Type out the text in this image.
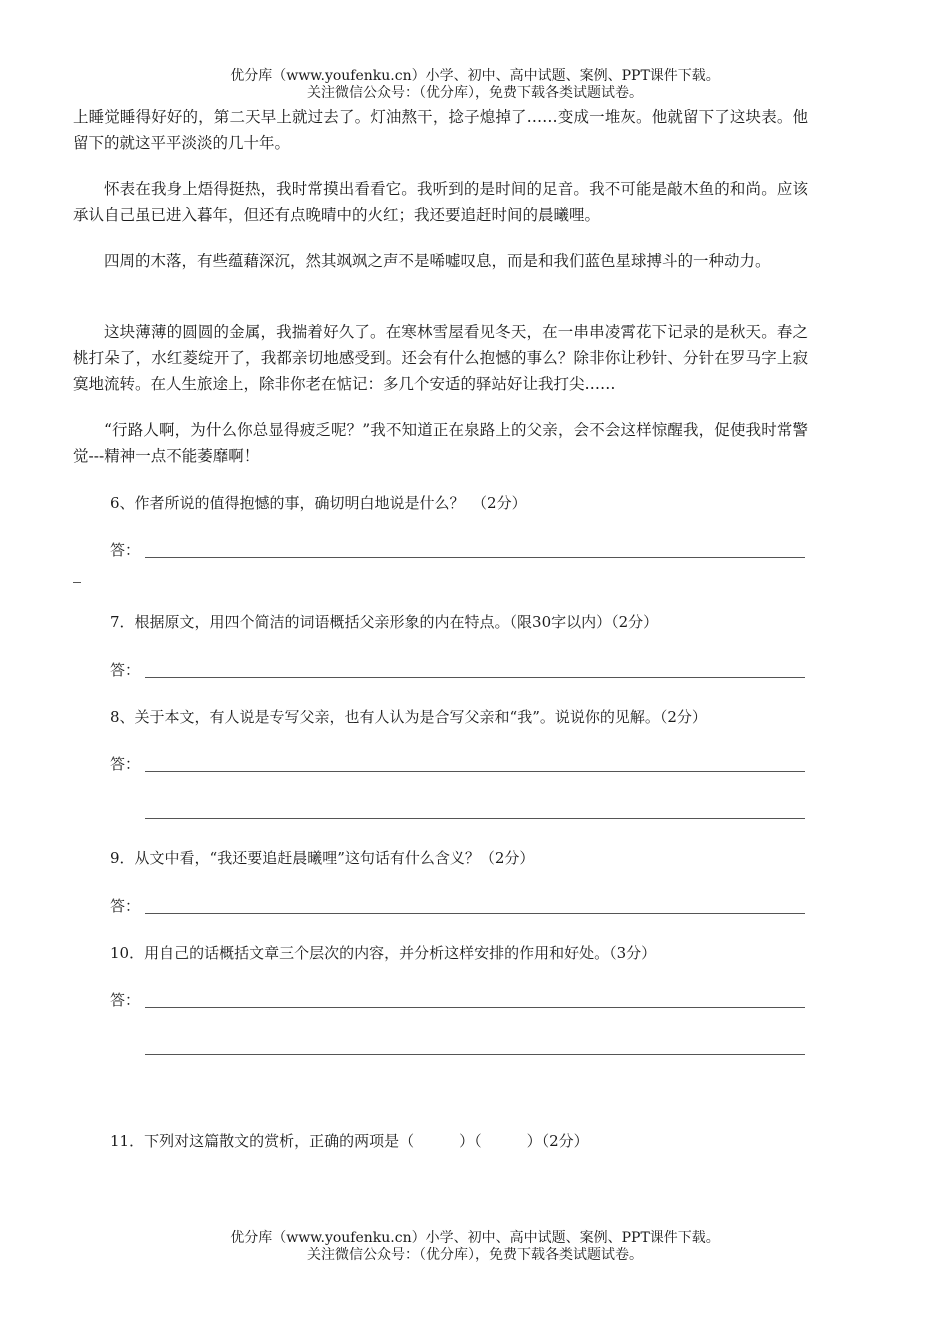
优分库（www.youfenku.cn）小学、初中、高中试题、案例、PPT课件下载。
关注微信公众号：（优分库），免费下载各类试题试卷。
上睡觉睡得好好的，第二天早上就过去了。灯油熬干，捻子熄掉了……变成一堆灰。他就留下了这块表。他留下的就这平平淡淡的几十年。
怀表在我身上焐得挺热，我时常摸出看看它。我听到的是时间的足音。我不可能是敲木鱼的和尚。应该承认自己虽已进入暮年，但还有点晚晴中的火红；我还要追赶时间的晨曦哩。
四周的木落，有些蕴藉深沉，然其飒飒之声不是唏嘘叹息，而是和我们蓝色星球搏斗的一种动力。
这块薄薄的圆圆的金属，我揣着好久了。在寒林雪屋看见冬天，在一串串凌霄花下记录的是秋天。春之桃打朵了，水红菱绽开了，我都亲切地感受到。还会有什么抱憾的事么？除非你让秒针、分针在罗马字上寂寞地流转。在人生旅途上，除非你老在惦记：多几个安适的驿站好让我打尖……
“行路人啊，为什么你总显得疲乏呢？”我不知道正在泉路上的父亲，会不会这样惊醒我，促使我时常警觉---精神一点不能萎靡啊！
6、作者所说的值得抱憾的事，确切明白地说是什么？　（2分）
答：
7．根据原文，用四个简洁的词语概括父亲形象的内在特点。（限30字以内）（2分）
答：
8、关于本文，有人说是专写父亲，也有人认为是合写父亲和“我”。说说你的见解。（2分）
答：
9．从文中看，“我还要追赶晨曦哩”这句话有什么含义？（2分）
答：
10．用自己的话概括文章三个层次的内容，并分析这样安排的作用和好处。（3分）
答：
11．下列对这篇散文的赏析，正确的两项是（　　　）（　　　）（2分）
优分库（www.youfenku.cn）小学、初中、高中试题、案例、PPT课件下载。
关注微信公众号：（优分库），免费下载各类试题试卷。
